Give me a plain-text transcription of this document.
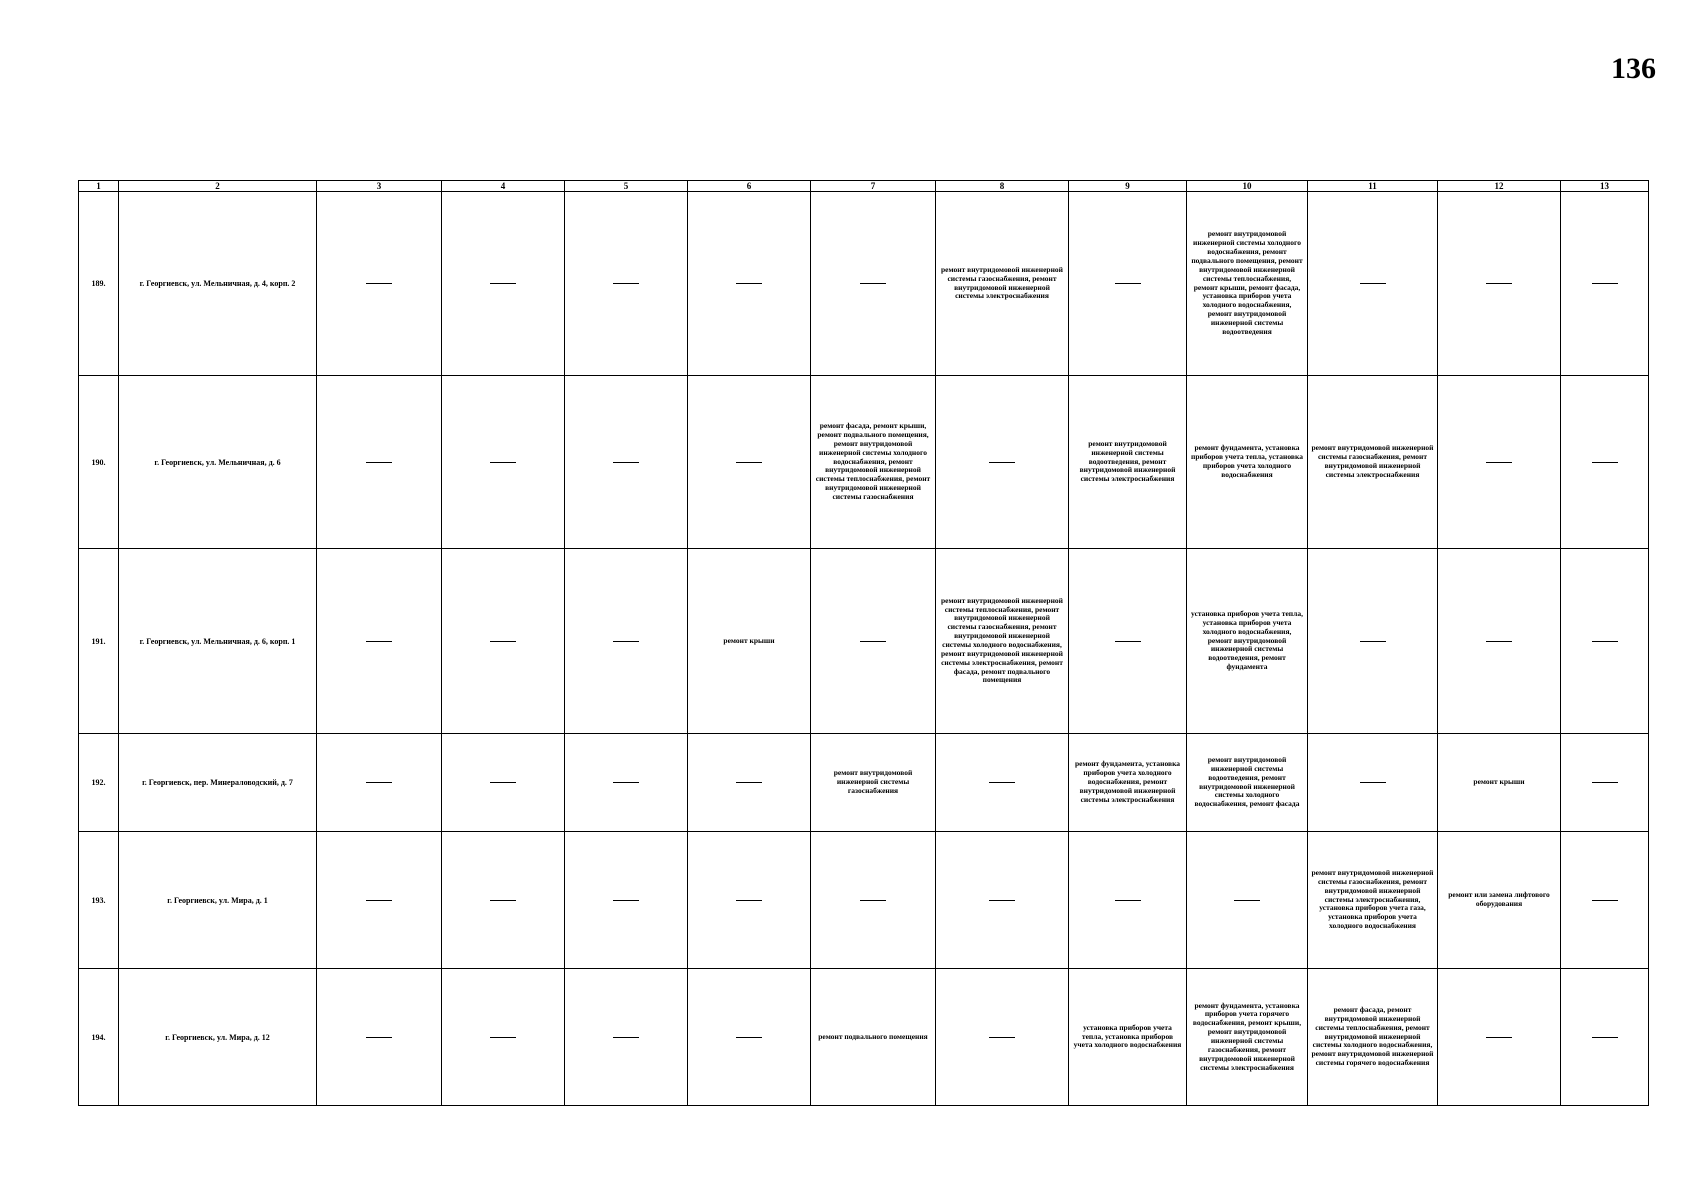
136
1	2	3	4	5	6	7	8	9	10	11	12	13
189.	г. Георгиевск, ул. Мельничная, д. 4, корп. 2						ремонт внутридомовой инженерной системы газоснабжения, ремонт внутридомовой инженерной системы электроснабжения		ремонт внутридомовой инженерной системы холодного водоснабжения, ремонт подвального помещения, ремонт внутридомовой инженерной системы теплоснабжения, ремонт крыши, ремонт фасада, установка приборов учета холодного водоснабжения, ремонт внутридомовой инженерной системы водоотведения			
190.	г. Георгиевск, ул. Мельничная, д. 6					ремонт фасада, ремонт крыши, ремонт подвального помещения, ремонт внутридомовой инженерной системы холодного водоснабжения, ремонт внутридомовой инженерной системы теплоснабжения, ремонт внутридомовой инженерной системы газоснабжения		ремонт внутридомовой инженерной системы водоотведения, ремонт внутридомовой инженерной системы электроснабжения	ремонт фундамента, установка приборов учета тепла, установка приборов учета холодного водоснабжения	ремонт внутридомовой инженерной системы газоснабжения, ремонт внутридомовой инженерной системы электроснабжения		
191.	г. Георгиевск, ул. Мельничная, д. 6, корп. 1				ремонт крыши		ремонт внутридомовой инженерной системы теплоснабжения, ремонт внутридомовой инженерной системы газоснабжения, ремонт внутридомовой инженерной системы холодного водоснабжения, ремонт внутридомовой инженерной системы электроснабжения, ремонт фасада, ремонт подвального помещения		установка приборов учета тепла, установка приборов учета холодного водоснабжения, ремонт внутридомовой инженерной системы водоотведения, ремонт фундамента			
192.	г. Георгиевск, пер. Минераловодский, д. 7					ремонт внутридомовой инженерной системы газоснабжения		ремонт фундамента, установка приборов учета холодного водоснабжения, ремонт внутридомовой инженерной системы электроснабжения	ремонт внутридомовой инженерной системы водоотведения, ремонт внутридомовой инженерной системы холодного водоснабжения, ремонт фасада		ремонт крыши	
193.	г. Георгиевск, ул. Мира, д. 1									ремонт внутридомовой инженерной системы газоснабжения, ремонт внутридомовой инженерной системы электроснабжения, установка приборов учета газа, установка приборов учета холодного водоснабжения	ремонт или замена лифтового оборудования	
194.	г. Георгиевск, ул. Мира, д. 12					ремонт подвального помещения		установка приборов учета тепла, установка приборов учета холодного водоснабжения	ремонт фундамента, установка приборов учета горячего водоснабжения, ремонт крыши, ремонт внутридомовой инженерной системы газоснабжения, ремонт внутридомовой инженерной системы электроснабжения	ремонт фасада, ремонт внутридомовой инженерной системы теплоснабжения, ремонт внутридомовой инженерной системы холодного водоснабжения, ремонт внутридомовой инженерной системы горячего водоснабжения		
